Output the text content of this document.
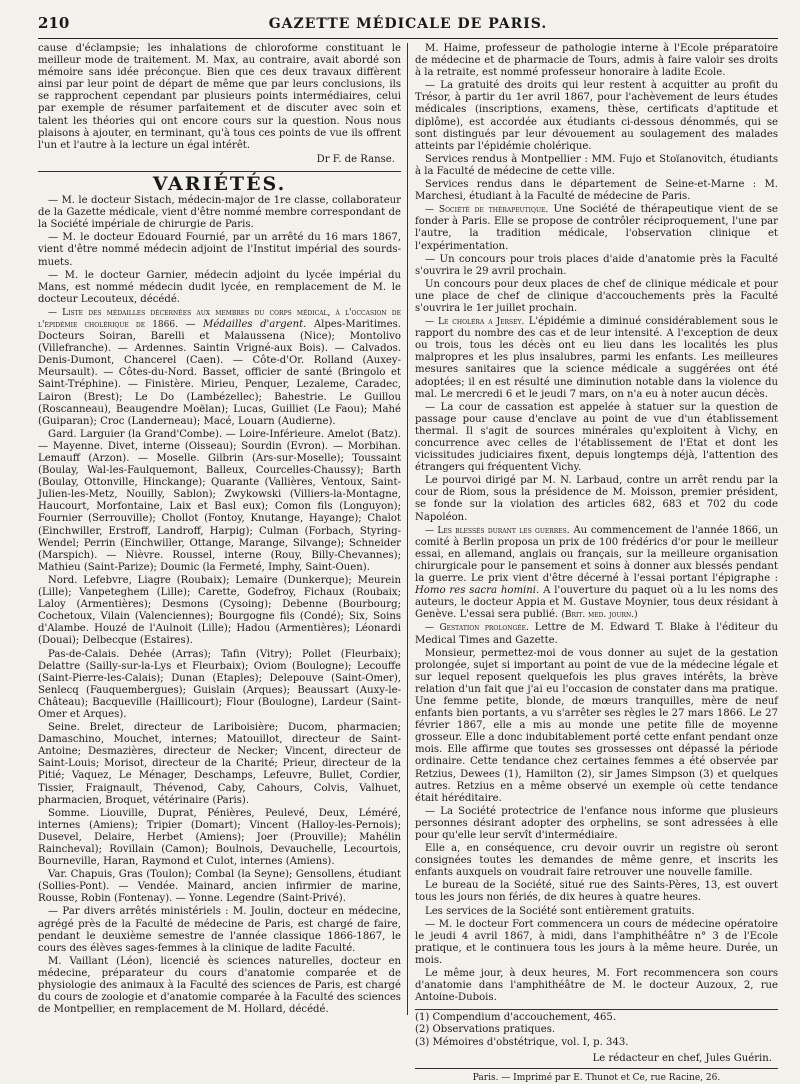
210	GAZETTE MÉDICALE DE PARIS.

cause d'éclampsie; les inhalations de chloroforme constituant le meilleur mode de traitement. M. Max, au contraire, avait abordé son mémoire sans idée préconçue. Bien que ces deux travaux diffèrent ainsi par leur point de départ de même que par leurs conclusions, ils se rapprochent cependant par plusieurs points intermédiaires, celui par exemple de résumer parfaitement et de discuter avec soin et talent les théories qui ont encore cours sur la question. Nous nous plaisons à ajouter, en terminant, qu'à tous ces points de vue ils offrent l'un et l'autre à la lecture un égal intérêt.

Dr F. de Ranse.

VARIÉTÉS.

— M. le docteur Sistach, médecin-major de 1re classe, collaborateur de la Gazette médicale, vient d'être nommé membre correspondant de la Société impériale de chirurgie de Paris.

— M. le docteur Edouard Fournié, par un arrêté du 16 mars 1867, vient d'être nommé médecin adjoint de l'Institut impérial des sourds-muets.

— M. le docteur Garnier, médecin adjoint du lycée impérial du Mans, est nommé médecin dudit lycée, en remplacement de M. le docteur Lecouteux, décédé.

— Liste des médailles décernées aux membres du corps médical, à l'occasion de l'épidémie cholérique de 1866. — Médailles d'argent. Alpes-Maritimes. Docteurs Soiran, Barelli et Malaussena (Nice); Montolivo (Villefranche). — Ardennes. Saintin Vrigné-aux Bois). — Calvados. Denis-Dumont, Chancerel (Caen). — Côte-d'Or. Rolland (Auxey-Meursault). — Côtes-du-Nord. Basset, officier de santé (Bringolo et Saint-Tréphine). — Finistère. Mirieu, Penquer, Lezaleme, Caradec, Lairon (Brest); Le Do (Lambézellec); Bahestrie. Le Guillou (Roscanneau), Beaugendre Moëlan); Lucas, Guilliet (Le Faou); Mahé (Guiparan); Croc (Landerneau); Macé, Louarn (Audierne).

Gard. Larguier (la Grand'Combe). — Loire-Inférieure. Amelot (Batz). — Mayenne. Divet, interne (Oisseau); Sourdin (Evron). — Morbihan. Lemauff (Arzon). — Moselle. Gilbrin (Ars-sur-Moselle); Toussaint (Boulay, Wal-les-Faulquemont, Balleux, Courcelles-Chaussy); Barth (Boulay, Ottonville, Hinckange); Quarante (Vallières, Ventoux, Saint-Julien-les-Metz, Nouilly, Sablon); Zwykowski (Villiers-la-Montagne, Haucourt, Morfontaine, Laix et Basl eux); Comon fils (Longuyon); Fournier (Serrouville); Chollot (Fontoy, Knutange, Hayange); Chalot (Einchwiller, Erstroff, Landroff, Harpig); Culman (Forbach, Styring-Wendel; Perrin (Einchwiller, Ottange, Marange, Silvange); Schneider (Marspich). — Nièvre. Roussel, interne (Rouy, Billy-Chevannes); Mathieu (Saint-Parize); Doumic (la Fermeté, Imphy, Saint-Ouen).

Nord. Lefebvre, Liagre (Roubaix); Lemaire (Dunkerque); Meurein (Lille); Vanpeteghem (Lille); Carette, Godefroy, Fichaux (Roubaix; Laloy (Armentières); Desmons (Cysoing); Debenne (Bourbourg; Cochetoux, Vilain (Valenciennes); Bourgogne fils (Condé); Six, Soins d'Alambe. Houzé de l'Aulnoit (Lille); Hadou (Armentières); Léonardi (Douai); Delbecque (Estaires).

Pas-de-Calais. Dehée (Arras); Tafin (Vitry); Pollet (Fleurbaix); Delattre (Sailly-sur-la-Lys et Fleurbaix); Oviom (Boulogne); Lecouffe (Saint-Pierre-les-Calais); Dunan (Etaples); Delepouve (Saint-Omer), Senlecq (Fauquembergues); Guislain (Arques); Beaussart (Auxy-le-Château); Bacqueville (Haillicourt); Flour (Boulogne), Lardeur (Saint-Omer et Arques).

Seine. Brelet, directeur de Lariboisière; Ducom, pharmacien; Damaschino, Mouchet, internes; Matouillot, directeur de Saint-Antoine; Desmazières, directeur de Necker; Vincent, directeur de Saint-Louis; Morisot, directeur de la Charité; Prieur, directeur de la Pitié; Vaquez, Le Ménager, Deschamps, Lefeuvre, Bullet, Cordier, Tissier, Fraignault, Thévenod, Caby, Cahours, Colvis, Valhuet, pharmacien, Broquet, vétérinaire (Paris).

Somme. Liouville, Duprat, Pénières, Peulevé, Deux, Léméré, internes (Amiens); Tripier (Domart); Vincent (Halloy-les-Pernois); Dusevel, Delaire, Herbet (Amiens); Joer (Prouville); Mahélin Raincheval); Rovillain (Camon); Boulnois, Devauchelle, Lecourtois, Bourneville, Haran, Raymond et Culot, internes (Amiens).

Var. Chapuis, Gras (Toulon); Combal (la Seyne); Gensollens, étudiant (Sollies-Pont). — Vendée. Mainard, ancien infirmier de marine, Rousse, Robin (Fontenay). — Yonne. Legendre (Saint-Privé).

— Par divers arrêtés ministériels : M. Joulin, docteur en médecine, agrégé près de la Faculté de médecine de Paris, est chargé de faire, pendant le deuxième semestre de l'année classique 1866-1867, le cours des élèves sages-femmes à la clinique de ladite Faculté.

M. Vaillant (Léon), licencié ès sciences naturelles, docteur en médecine, préparateur du cours d'anatomie comparée et de physiologie des animaux à la Faculté des sciences de Paris, est chargé du cours de zoologie et d'anatomie comparée à la Faculté des sciences de Montpellier, en remplacement de M. Hollard, décédé.

M. Haime, professeur de pathologie interne à l'Ecole préparatoire de médecine et de pharmacie de Tours, admis à faire valoir ses droits à la retraite, est nommé professeur honoraire à ladite Ecole.

— La gratuité des droits qui leur restent à acquitter au profit du Trésor, à partir du 1er avril 1867, pour l'achèvement de leurs études médicales (inscriptions, examens, thèse, certificats d'aptitude et diplôme), est accordée aux étudiants ci-dessous dénommés, qui se sont distingués par leur dévouement au soulagement des malades atteints par l'épidémie cholérique.

Services rendus à Montpellier : MM. Fujo et Stoïanovitch, étudiants à la Faculté de médecine de cette ville.

Services rendus dans le département de Seine-et-Marne : M. Marchesi, étudiant à la Faculté de médecine de Paris.

— Société de thérapeutique. Une Société de thérapeutique vient de se fonder à Paris. Elle se propose de contrôler réciproquement, l'une par l'autre, la tradition médicale, l'observation clinique et l'expérimentation.

— Un concours pour trois places d'aide d'anatomie près la Faculté s'ouvrira le 29 avril prochain.

Un concours pour deux places de chef de clinique médicale et pour une place de chef de clinique d'accouchements près la Faculté s'ouvrira le 1er juillet prochain.

— Le choléra a Jersey. L'épidémie a diminué considérablement sous le rapport du nombre des cas et de leur intensité. A l'exception de deux ou trois, tous les décès ont eu lieu dans les localités les plus malpropres et les plus insalubres, parmi les enfants. Les meilleures mesures sanitaires que la science médicale a suggérées ont été adoptées; il en est résulté une diminution notable dans la violence du mal. Le mercredi 6 et le jeudi 7 mars, on n'a eu à noter aucun décès.

— La cour de cassation est appelée à statuer sur la question de passage pour cause d'enclave au point de vue d'un établissement thermal. Il s'agit de sources minérales qu'exploitent à Vichy, en concurrence avec celles de l'établissement de l'Etat et dont les vicissitudes judiciaires fixent, depuis longtemps déjà, l'attention des étrangers qui fréquentent Vichy.

Le pourvoi dirigé par M. N. Larbaud, contre un arrêt rendu par la cour de Riom, sous la présidence de M. Moisson, premier président, se fonde sur la violation des articles 682, 683 et 702 du code Napoléon.

— Les blessés durant les guerres. Au commencement de l'année 1866, un comité à Berlin proposa un prix de 100 frédérics d'or pour le meilleur essai, en allemand, anglais ou français, sur la meilleure organisation chirurgicale pour le pansement et soins à donner aux blessés pendant la guerre. Le prix vient d'être décerné à l'essai portant l'épigraphe : Homo res sacra homini. A l'ouverture du paquet où a lu les noms des auteurs, le docteur Appia et M. Gustave Moynier, tous deux résidant à Genève. L'essai sera publié. (Brit. med. journ.)

— Gestation prolongée. Lettre de M. Edward T. Blake à l'éditeur du Medical Times and Gazette.

Monsieur, permettez-moi de vous donner au sujet de la gestation prolongée, sujet si important au point de vue de la médecine légale et sur lequel reposent quelquefois les plus graves intérêts, la brève relation d'un fait que j'ai eu l'occasion de constater dans ma pratique. Une femme petite, blonde, de mœurs tranquilles, mère de neuf enfants bien portants, a vu s'arrêter ses règles le 27 mars 1866. Le 27 février 1867, elle a mis au monde une petite fille de moyenne grosseur. Elle a donc indubitablement porté cette enfant pendant onze mois. Elle affirme que toutes ses grossesses ont dépassé la période ordinaire. Cette tendance chez certaines femmes a été observée par Retzius, Dewees (1), Hamilton (2), sir James Simpson (3) et quelques autres. Retzius en a même observé un exemple où cette tendance était héréditaire.

— La Société protectrice de l'enfance nous informe que plusieurs personnes désirant adopter des orphelins, se sont adressées à elle pour qu'elle leur servît d'intermédiaire.

Elle a, en conséquence, cru devoir ouvrir un registre où seront consignées toutes les demandes de même genre, et inscrits les enfants auxquels on voudrait faire retrouver une nouvelle famille.

Le bureau de la Société, situé rue des Saints-Pères, 13, est ouvert tous les jours non fériés, de dix heures à quatre heures.

Les services de la Société sont entièrement gratuits.

— M. le docteur Fort commencera un cours de médecine opératoire le jeudi 4 avril 1867, à midi, dans l'amphithéâtre n° 3 de l'Ecole pratique, et le continuera tous les jours à la même heure. Durée, un mois.

Le même jour, à deux heures, M. Fort recommencera son cours d'anatomie dans l'amphithéâtre de M. le docteur Auzoux, 2, rue Antoine-Dubois.

(1) Compendium d'accouchement, 465.

(2) Observations pratiques.

(3) Mémoires d'obstétrique, vol. I, p. 343.

Le rédacteur en chef, Jules Guérin.

Paris. — Imprimé par E. Thunot et Ce, rue Racine, 26.
